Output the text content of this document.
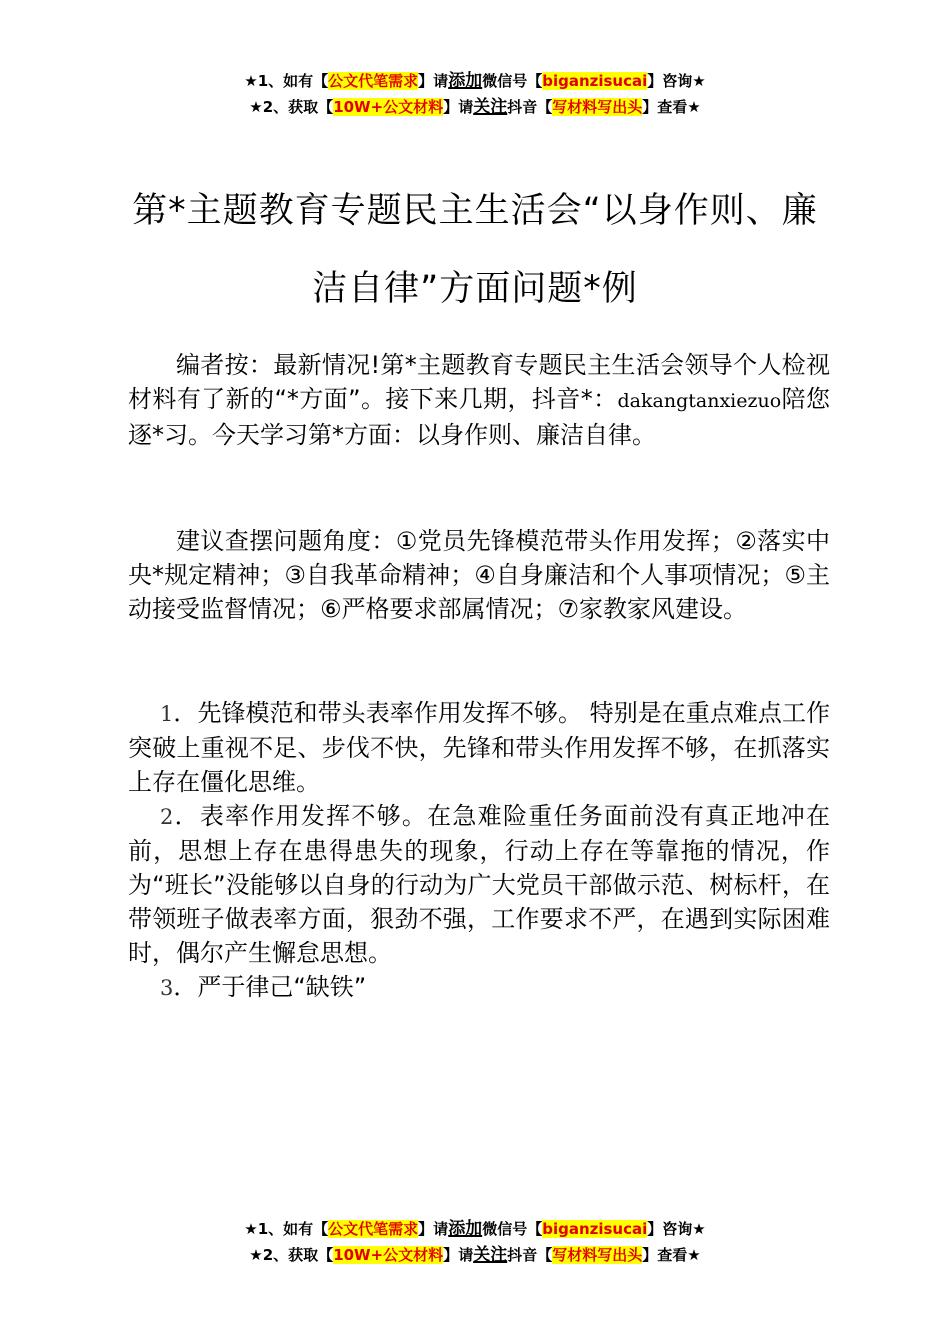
★1、如有【公文代笔需求】请添加微信号【biganzisucai】咨询★
★2、获取【10W+公文材料】请关注抖音【写材料写出头】查看★
第*主题教育专题民主生活会“以身作则、廉
洁自律”方面问题*例

编者按：最新情况!第*主题教育专题民主生活会领导个人检视材料有了新的“*方面”。接下来几期，抖音*：dakangtanxiezuo陪您逐*习。今天学习第*方面：以身作则、廉洁自律。

建议查摆问题角度：①党员先锋模范带头作用发挥；②落实中央*规定精神；③自我革命精神；④自身廉洁和个人事项情况；⑤主动接受监督情况；⑥严格要求部属情况；⑦家教家风建设。

1．先锋模范和带头表率作用发挥不够。 特别是在重点难点工作突破上重视不足、步伐不快，先锋和带头作用发挥不够，在抓落实上存在僵化思维。

2．表率作用发挥不够。在急难险重任务面前没有真正地冲在前，思想上存在患得患失的现象，行动上存在等靠拖的情况，作为“班长”没能够以自身的行动为广大党员干部做示范、树标杆，在带领班子做表率方面，狠劲不强，工作要求不严，在遇到实际困难时，偶尔产生懈怠思想。

3．严于律己“缺铁”

★1、如有【公文代笔需求】请添加微信号【biganzisucai】咨询★
★2、获取【10W+公文材料】请关注抖音【写材料写出头】查看★
